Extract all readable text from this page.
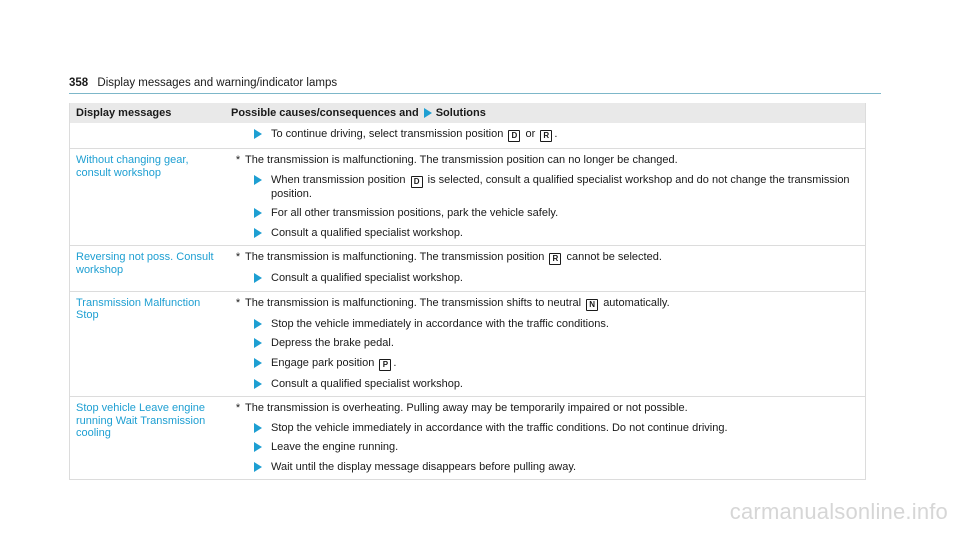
358 Display messages and warning/indicator lamps
Display messages	Possible causes/consequences and Solutions
To continue driving, select transmission position D or R .
Without changing gear, consult workshop
* The transmission is malfunctioning. The transmission position can no longer be changed.
When transmission position D is selected, consult a qualified specialist workshop and do not change the transmission position.
For all other transmission positions, park the vehicle safely.
Consult a qualified specialist workshop.
Reversing not poss. Consult workshop
* The transmission is malfunctioning. The transmission position R cannot be selected.
Consult a qualified specialist workshop.
Transmission Malfunction Stop
* The transmission is malfunctioning. The transmission shifts to neutral N automatically.
Stop the vehicle immediately in accordance with the traffic conditions.
Depress the brake pedal.
Engage park position P .
Consult a qualified specialist workshop.
Stop vehicle Leave engine running Wait Transmission cooling
* The transmission is overheating. Pulling away may be temporarily impaired or not possible.
Stop the vehicle immediately in accordance with the traffic conditions. Do not continue driving.
Leave the engine running.
Wait until the display message disappears before pulling away.
carmanualsonline.info
